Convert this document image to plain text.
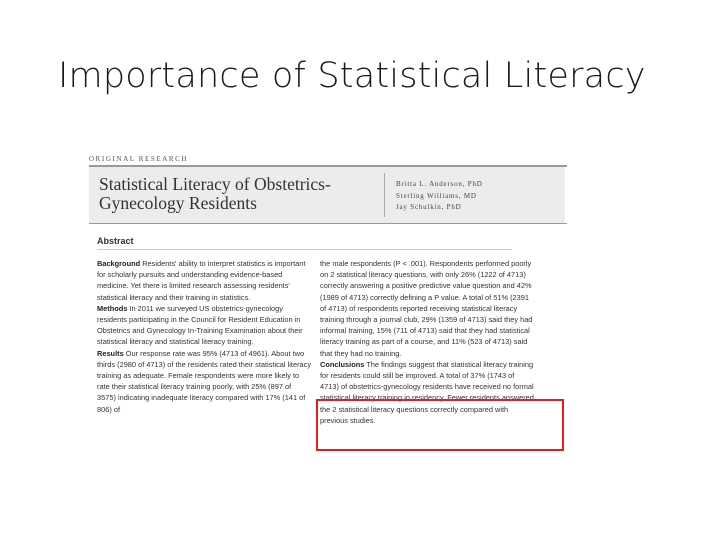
Importance of Statistical Literacy
ORIGINAL RESEARCH
Statistical Literacy of Obstetrics-Gynecology Residents
Britta L. Anderson, PhD
Sterling Williams, MD
Jay Schulkin, PhD
Abstract

Background Residents' ability to interpret statistics is important for scholarly pursuits and understanding evidence-based medicine. Yet there is limited research assessing residents' statistical literacy and their training in statistics.

Methods In 2011 we surveyed US obstetrics-gynecology residents participating in the Council for Resident Education in Obstetrics and Gynecology In-Training Examination about their statistical literacy and statistical literacy training.

Results Our response rate was 95% (4713 of 4961). About two thirds (2980 of 4713) of the residents rated their statistical literacy training as adequate. Female respondents were more likely to rate their statistical literacy training poorly, with 25% (897 of 3575) indicating inadequate literacy compared with 17% (141 of 806) of

the male respondents (P < .001). Respondents performed poorly on 2 statistical literacy questions, with only 26% (1222 of 4713) correctly answering a positive predictive value question and 42% (1989 of 4713) correctly defining a P value. A total of 51% (2391 of 4713) of respondents reported receiving statistical literacy training through a journal club, 29% (1359 of 4713) said they had informal training, 15% (711 of 4713) said that they had statistical literacy training as part of a course, and 11% (523 of 4713) said that they had no training.

Conclusions The findings suggest that statistical literacy training for residents could still be improved. A total of 37% (1743 of 4713) of obstetrics-gynecology residents have received no formal statistical literacy training in residency. Fewer residents answered the 2 statistical literacy questions correctly compared with previous studies.
